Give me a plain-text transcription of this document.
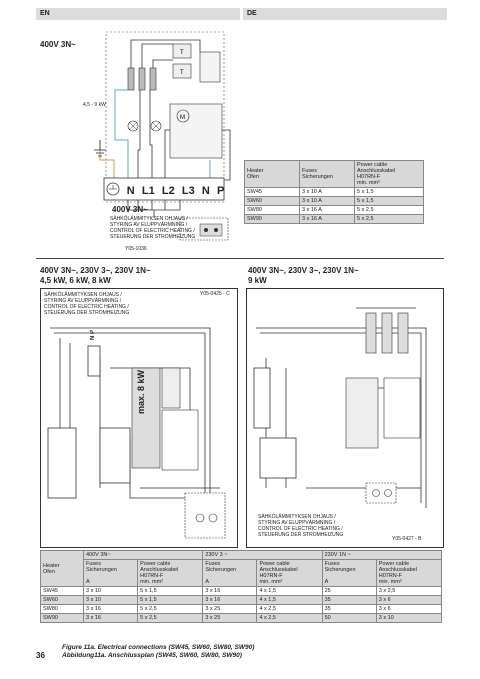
EN	DE
400V 3N~
T
T
M
4,5 - 9 kW
N L1 L2 L3 N P
400V 3N~
SÄHKÖLÄMMITYKSEN OHJAUS /
STYRING AV ELUPPVÄRMNING /
CONTROL OF ELECTRIC HEATING /
STEUERUNG DER STROMHEIZUNG
Y05-1036
Heater
Ofen	Fuses
Sicherungen	Power cable
Anschlusskabel
H07RN-F
min. mm²
SW45	3 x 10 A	5 x 1,5
SW60	3 x 10 A	5 x 1,5
SW80	3 x 16 A	5 x 2,5
SW90	3 x 16 A	5 x 2,5
400V 3N~, 230V 3~, 230V 1N~
4,5 kW, 6 kW, 8 kW
SÄHKÖLÄMMITYKSEN OHJAUS /
STYRING AV ELUPPVÄRMNING /
CONTROL OF ELECTRIC HEATING /
STEUERUNG DER STROMHEIZUNG
Y05-0425 - C
N P
max. 8 kW
400V 3N~, 230V 3~, 230V 1N~
9 kW
SÄHKÖLÄMMITYKSEN OHJAUS /
STYRING AV ELUPPVÄRMNING /
CONTROL OF ELECTRIC HEATING /
STEUERUNG DER STROMHEIZUNG
Y05-0427 - B
Heater
Ofen	400V 3N~		230V 3 ~		230V 1N ~	
	Fuses
Sicherungen

A	Power cable
Anschlusskabel
H07RN-F
min. mm²	Fuses
Sicherungen

A	Power cable
Anschlusskabel
H07RN-F
min. mm²	Fuses
Sicherungen

A	Power cable
Anschlusskabel
H07RN-F
min. mm²
SW45	3 x 10	5 x 1,5	3 x 16	4 x 1,5	25	3 x 2,5
SW60	3 x 10	5 x 1,5	3 x 16	4 x 1,5	35	3 x 6
SW80	3 x 16	5 x 2,5	3 x 25	4 x 2,5	35	3 x 6
SW90	3 x 16	5 x 2,5	3 x 25	4 x 2,5	50	3 x 10
Figure 11a. Electrical connections (SW45, SW60, SW80, SW90)
Abbildung11a. Anschlussplan (SW45, SW60, SW80, SW90)
36
